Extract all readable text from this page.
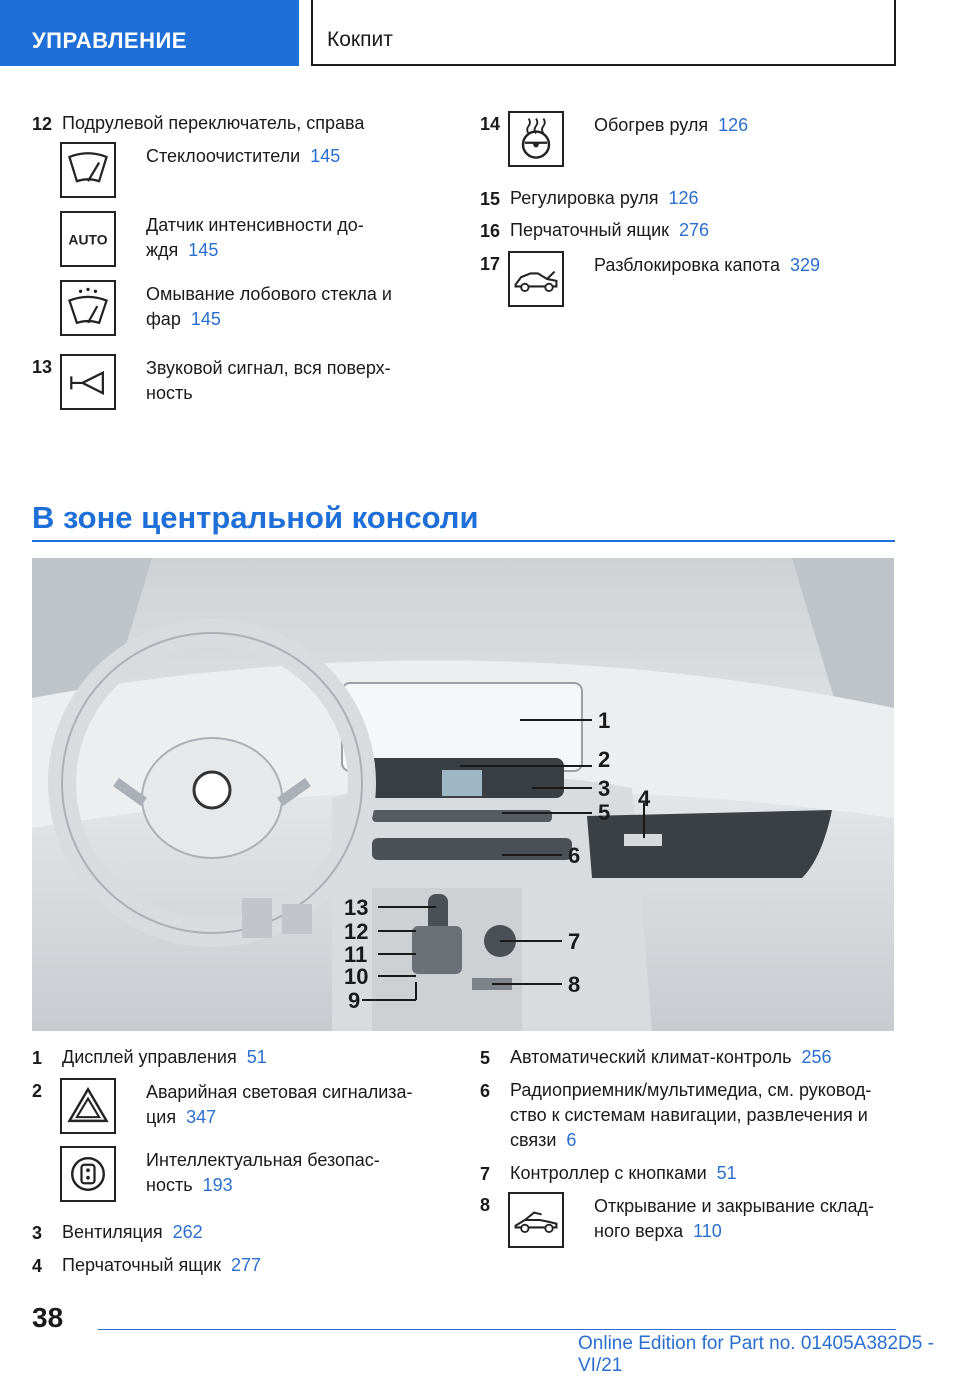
УПРАВЛЕНИЕ	Кокпит
12 Подрулевой переключатель, справа
Стеклоочистители 145
AUTO
Датчик интенсивности до-
ждя 145
Омывание лобового стекла и
фар 145
13	Звуковой сигнал, вся поверх-
ность
14	Обогрев руля 126
15 Регулировка руля 126
16 Перчаточный ящик 276
17	Разблокировка капота 329
В зоне центральной консоли
1
2
3
5
4
6
13
12
11
10
9
7
8
1 Дисплей управления 51
2	Аварийная световая сигнализа-
ция 347
Интеллектуальная безопас-
ность 193
3 Вентиляция 262
4 Перчаточный ящик 277
5 Автоматический климат-контроль 256
6 Радиоприемник/мультимедиа, см. руковод-
ство к системам навигации, развлечения и
связи 6
7 Контроллер с кнопками 51
8	Открывание и закрывание склад-
ного верха 110
38
Online Edition for Part no. 01405A382D5 - VI/21
